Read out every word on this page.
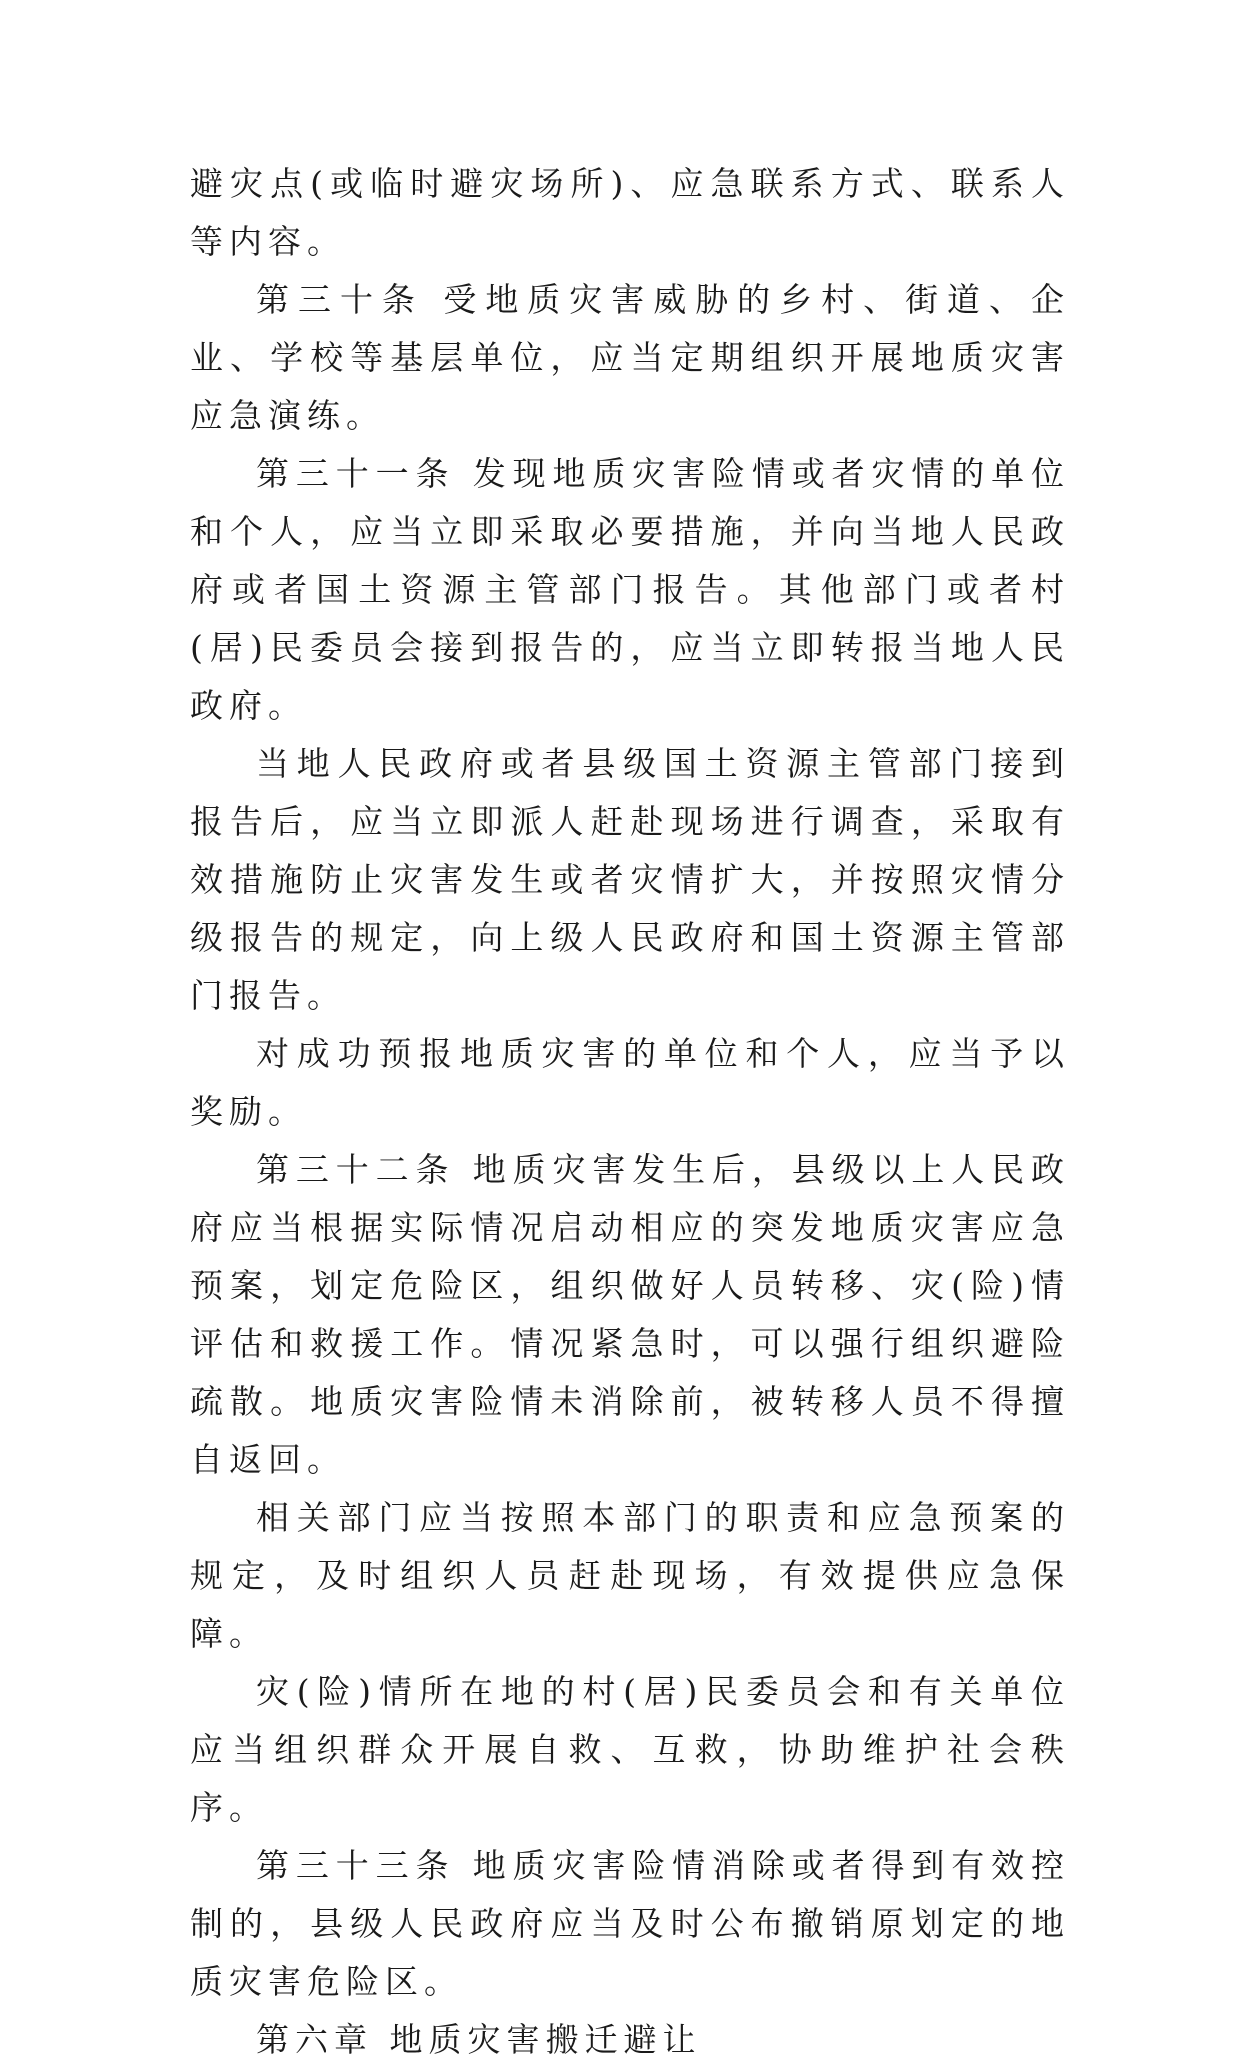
避灾点(或临时避灾场所)、应急联系方式、联系人等内容。

第三十条 受地质灾害威胁的乡村、街道、企业、学校等基层单位，应当定期组织开展地质灾害应急演练。

第三十一条 发现地质灾害险情或者灾情的单位和个人，应当立即采取必要措施，并向当地人民政府或者国土资源主管部门报告。其他部门或者村(居)民委员会接到报告的，应当立即转报当地人民政府。

当地人民政府或者县级国土资源主管部门接到报告后，应当立即派人赶赴现场进行调查，采取有效措施防止灾害发生或者灾情扩大，并按照灾情分级报告的规定，向上级人民政府和国土资源主管部门报告。

对成功预报地质灾害的单位和个人，应当予以奖励。

第三十二条 地质灾害发生后，县级以上人民政府应当根据实际情况启动相应的突发地质灾害应急预案，划定危险区，组织做好人员转移、灾(险)情评估和救援工作。情况紧急时，可以强行组织避险疏散。地质灾害险情未消除前，被转移人员不得擅自返回。

相关部门应当按照本部门的职责和应急预案的规定，及时组织人员赶赴现场，有效提供应急保障。

灾(险)情所在地的村(居)民委员会和有关单位应当组织群众开展自救、互救，协助维护社会秩序。

第三十三条 地质灾害险情消除或者得到有效控制的，县级人民政府应当及时公布撤销原划定的地质灾害危险区。

第六章 地质灾害搬迁避让
